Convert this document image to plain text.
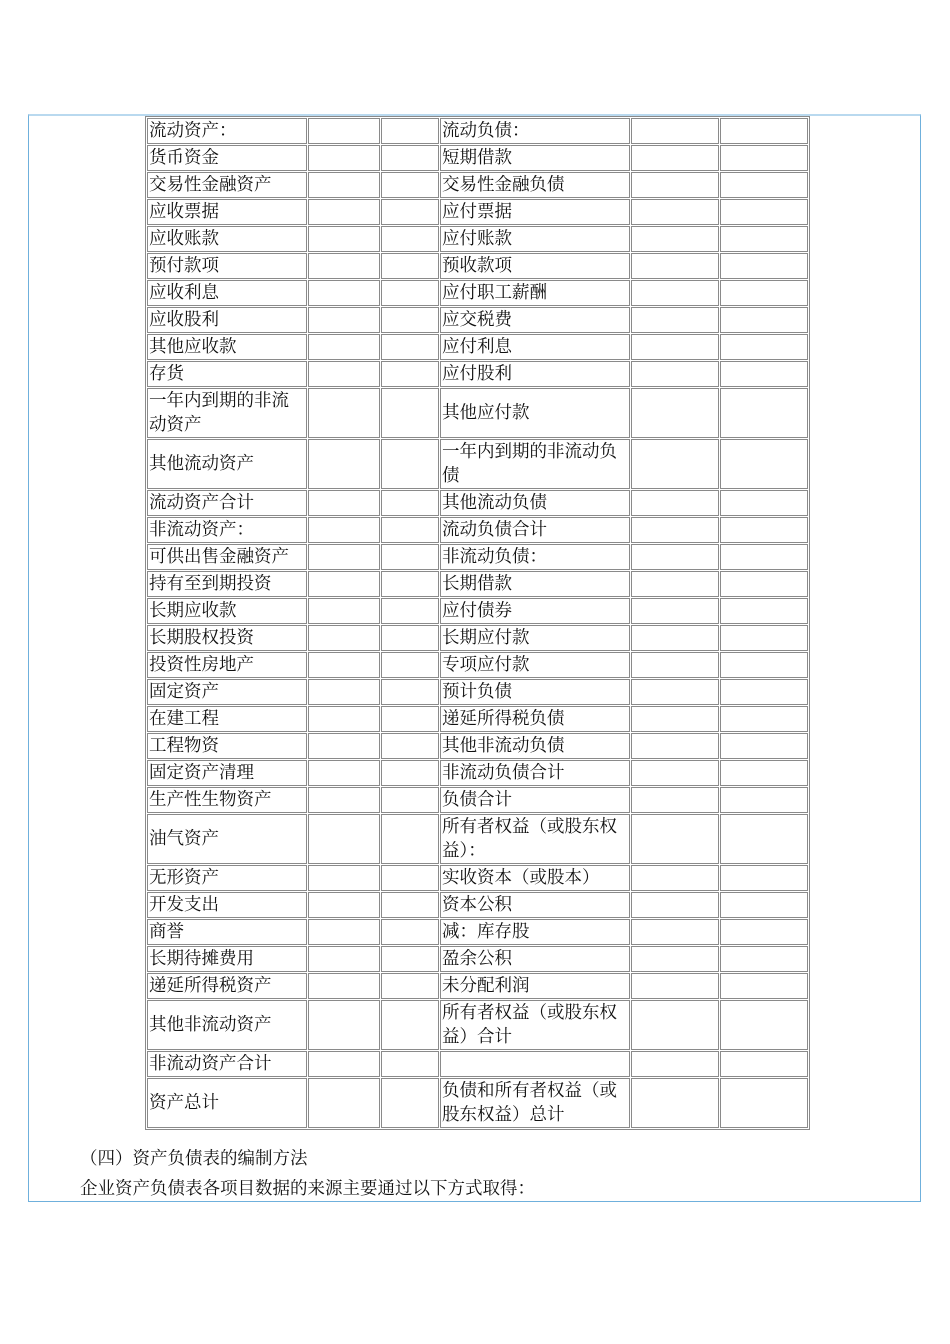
流动资产：			流动负债：		
货币资金			短期借款		
交易性金融资产			交易性金融负债		
应收票据			应付票据		
应收账款			应付账款		
预付款项			预收款项		
应收利息			应付职工薪酬		
应收股利			应交税费		
其他应收款			应付利息		
存货			应付股利		
一年内到期的非流动资产			其他应付款		
其他流动资产			一年内到期的非流动负债		
流动资产合计			其他流动负债		
非流动资产：			流动负债合计		
可供出售金融资产			非流动负债：		
持有至到期投资			长期借款		
长期应收款			应付债券		
长期股权投资			长期应付款		
投资性房地产			专项应付款		
固定资产			预计负债		
在建工程			递延所得税负债		
工程物资			其他非流动负债		
固定资产清理			非流动负债合计		
生产性生物资产			负债合计		
油气资产			所有者权益（或股东权益）：		
无形资产			实收资本（或股本）		
开发支出			资本公积		
商誉			减：库存股		
长期待摊费用			盈余公积		
递延所得税资产			未分配利润		
其他非流动资产			所有者权益（或股东权益）合计		
非流动资产合计					
资产总计			负债和所有者权益（或股东权益）总计		
（四）资产负债表的编制方法
企业资产负债表各项目数据的来源主要通过以下方式取得：
